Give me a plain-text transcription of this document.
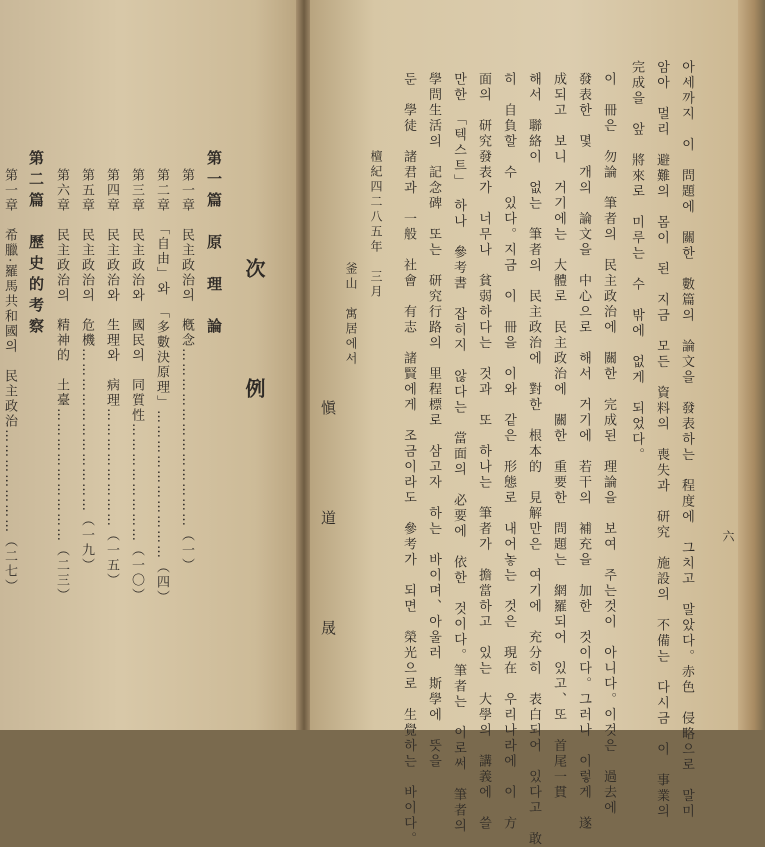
次　例
第一篇　原　理　論
第一章　民主政治의　槪念………………………………（一）
第二章　「自由」와　「多數決原理」…………………………（四）
第三章　民主政治와　國民의　同質性……………………（一〇）
第四章　民主政治와　生理와　病理……………………（一五）
第五章　民主政治의　危機……………………………（一九）
第六章　民主政治의　精神的　土臺………………………（二三）
第二篇　歷史的考察
第一章　希臘·羅馬共和國의　民主政治…………………（二七）	六
아세까지　이　問題에　關한　數篇의　論文을　發表하는　程度에　그치고　말았다。赤色　侵略으로　말미
암아　멀리　避難의　몸이　된　지금　모든　資料의　喪失과　研究　施設의　不備는　다시금　이　事業의
完成을　앞　將來로　미루는　수　밖에　없게　되었다。
이　冊은　勿論　筆者의　民主政治에　關한　完成된　理論을　보여　주는것이　아니다。이것은　過去에
發表한　몇　개의　論文을　中心으로　해서　거기에　若干의　補充을　加한　것이다。그러나　이렇게　遂
成되고　보니　거기에는　大體로　民主政治에　關한　重要한　問題는　網羅되어　있고、또　首尾一貫
해서　聯絡이　없는　筆者의　民主政治에　對한　根本的　見解만은　여기에　充分히　表白되어　있다고　敢
히　自負할　수　있다。지금　이　冊을　이와　같은　形態로　내어놓는　것은　現在　우리나라에　이　方
面의　研究發表가　너무나　貧弱하다는　것과　또　하나는　筆者가　擔當하고　있는　大學의　講義에　쓸
만한　「텍스트」　하나　參考書　잡히지　않다는　當面의　必要에　依한　것이다。筆者는　이로써　筆者의
學問生活의　記念碑　또는　研究行路의　里程標로　삼고자　하는　바이며、아울러　斯學에　뜻을
둔　學徒　諸君과　一般　社會　有志　諸賢에게　조금이라도　參考가　되면　榮光으로　生覺하는　바이다。
檀紀四二八五年　三月
釜山　寓居에서
愼　道　晟
